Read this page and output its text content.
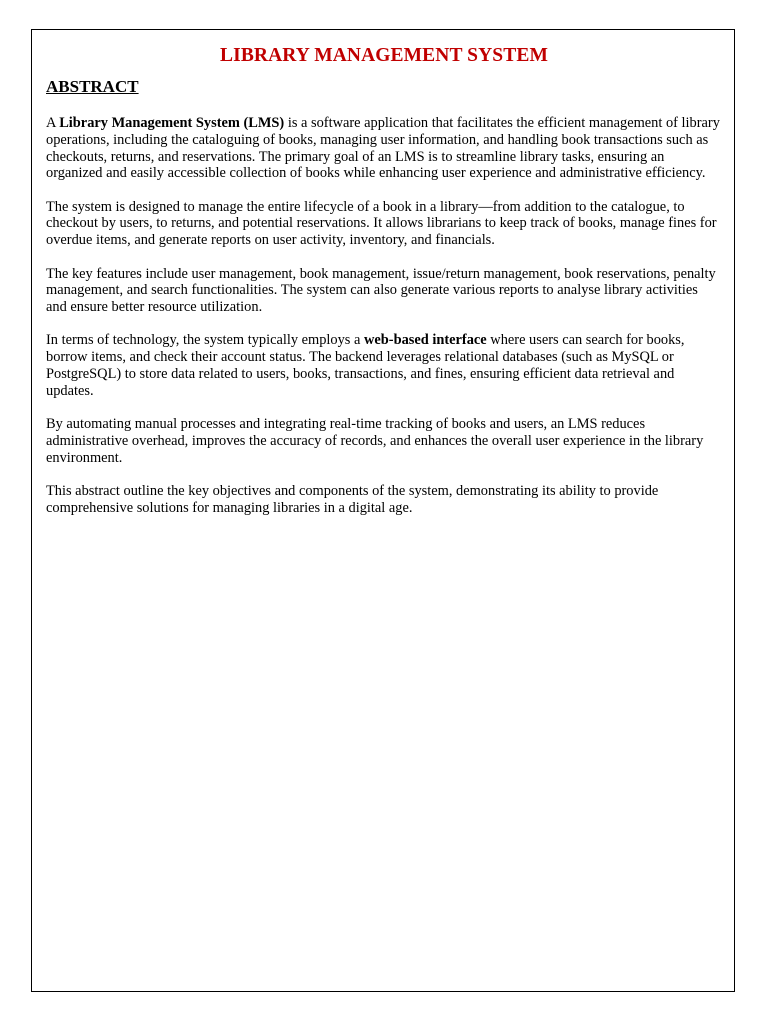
LIBRARY MANAGEMENT SYSTEM
ABSTRACT

A Library Management System (LMS) is a software application that facilitates the efficient management of library operations, including the cataloguing of books, managing user information, and handling book transactions such as checkouts, returns, and reservations. The primary goal of an LMS is to streamline library tasks, ensuring an organized and easily accessible collection of books while enhancing user experience and administrative efficiency.

The system is designed to manage the entire lifecycle of a book in a library—from addition to the catalogue, to checkout by users, to returns, and potential reservations. It allows librarians to keep track of books, manage fines for overdue items, and generate reports on user activity, inventory, and financials.

The key features include user management, book management, issue/return management, book reservations, penalty management, and search functionalities. The system can also generate various reports to analyse library activities and ensure better resource utilization.

In terms of technology, the system typically employs a web-based interface where users can search for books, borrow items, and check their account status. The backend leverages relational databases (such as MySQL or PostgreSQL) to store data related to users, books, transactions, and fines, ensuring efficient data retrieval and updates.

By automating manual processes and integrating real-time tracking of books and users, an LMS reduces administrative overhead, improves the accuracy of records, and enhances the overall user experience in the library environment.

This abstract outline the key objectives and components of the system, demonstrating its ability to provide comprehensive solutions for managing libraries in a digital age.
